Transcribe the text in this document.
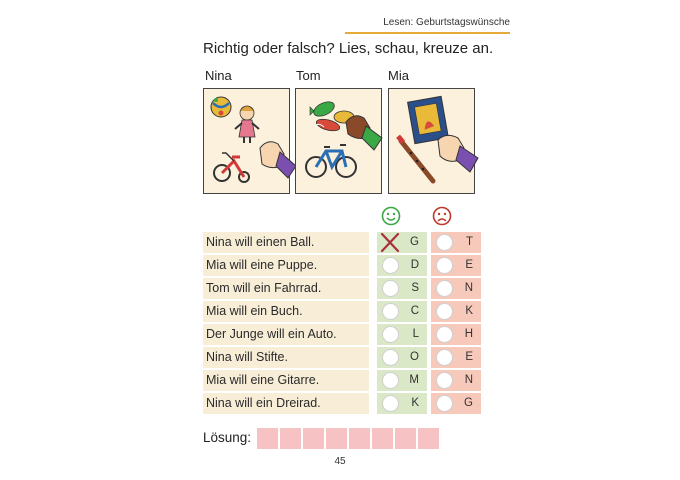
Lesen: Geburtstagswünsche
Richtig oder falsch? Lies, schau, kreuze an.
Nina	Tom	Mia
Nina will einen Ball.	G	T
Mia will eine Puppe.	D	E
Tom will ein Fahrrad.	S	N
Mia will ein Buch.	C	K
Der Junge will ein Auto.	L	H
Nina will Stifte.	O	E
Mia will eine Gitarre.	M	N
Nina will ein Dreirad.	K	G
Lösung:
45
